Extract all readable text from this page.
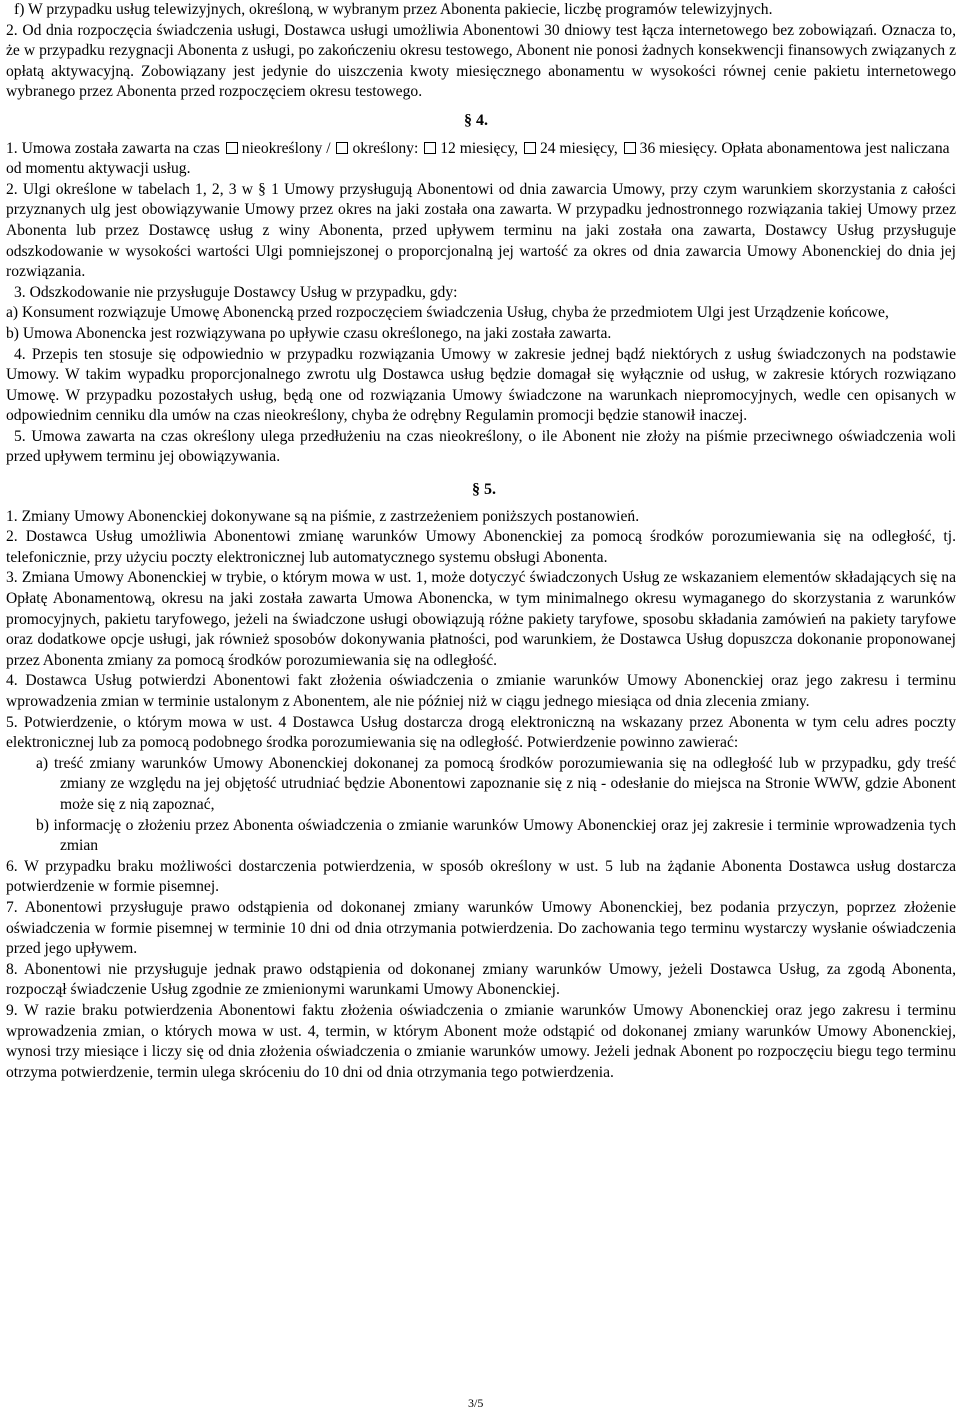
f) W przypadku usług telewizyjnych, określoną, w wybranym przez Abonenta pakiecie, liczbę programów telewizyjnych.

2. Od dnia rozpoczęcia świadczenia usługi, Dostawca usługi umożliwia Abonentowi 30 dniowy test łącza internetowego bez zobowiązań. Oznacza to, że w przypadku rezygnacji Abonenta z usługi, po zakończeniu okresu testowego, Abonent nie ponosi żadnych konsekwencji finansowych związanych z opłatą aktywacyjną. Zobowiązany jest jedynie do uiszczenia kwoty miesięcznego abonamentu w wysokości równej cenie pakietu internetowego wybranego przez Abonenta przed rozpoczęciem okresu testowego.

§ 4.

1. Umowa została zawarta na czas nieokreślony / określony: 12 miesięcy, 24 miesięcy, 36 miesięcy. Opłata abonamentowa jest naliczana od momentu aktywacji usług.

2. Ulgi określone w tabelach 1, 2, 3 w § 1 Umowy przysługują Abonentowi od dnia zawarcia Umowy, przy czym warunkiem skorzystania z całości przyznanych ulg jest obowiązywanie Umowy przez okres na jaki została ona zawarta. W przypadku jednostronnego rozwiązania takiej Umowy przez Abonenta lub przez Dostawcę usług z winy Abonenta, przed upływem terminu na jaki została ona zawarta, Dostawcy Usług przysługuje odszkodowanie w wysokości wartości Ulgi pomniejszonej o proporcjonalną jej wartość za okres od dnia zawarcia Umowy Abonenckiej do dnia jej rozwiązania.

3. Odszkodowanie nie przysługuje Dostawcy Usług w przypadku, gdy:

a) Konsument rozwiązuje Umowę Abonencką przed rozpoczęciem świadczenia Usług, chyba że przedmiotem Ulgi jest Urządzenie końcowe,

b) Umowa Abonencka jest rozwiązywana po upływie czasu określonego, na jaki została zawarta.

4. Przepis ten stosuje się odpowiednio w przypadku rozwiązania Umowy w zakresie jednej bądź niektórych z usług świadczonych na podstawie Umowy. W takim wypadku proporcjonalnego zwrotu ulg Dostawca usług będzie domagał się wyłącznie od usług, w zakresie których rozwiązano Umowę. W przypadku pozostałych usług, będą one od rozwiązania Umowy świadczone na warunkach niepromocyjnych, wedle cen opisanych w odpowiednim cenniku dla umów na czas nieokreślony, chyba że odrębny Regulamin promocji będzie stanowił inaczej.

5. Umowa zawarta na czas określony ulega przedłużeniu na czas nieokreślony, o ile Abonent nie złoży na piśmie przeciwnego oświadczenia woli przed upływem terminu jej obowiązywania.

§ 5.

1. Zmiany Umowy Abonenckiej dokonywane są na piśmie, z zastrzeżeniem poniższych postanowień.

2. Dostawca Usług umożliwia Abonentowi zmianę warunków Umowy Abonenckiej za pomocą środków porozumiewania się na odległość, tj. telefonicznie, przy użyciu poczty elektronicznej lub automatycznego systemu obsługi Abonenta.

3. Zmiana Umowy Abonenckiej w trybie, o którym mowa w ust. 1, może dotyczyć świadczonych Usług ze wskazaniem elementów składających się na Opłatę Abonamentową, okresu na jaki została zawarta Umowa Abonencka, w tym minimalnego okresu wymaganego do skorzystania z warunków promocyjnych, pakietu taryfowego, jeżeli na świadczone usługi obowiązują różne pakiety taryfowe, sposobu składania zamówień na pakiety taryfowe oraz dodatkowe opcje usługi, jak również sposobów dokonywania płatności, pod warunkiem, że Dostawca Usług dopuszcza dokonanie proponowanej przez Abonenta zmiany za pomocą środków porozumiewania się na odległość.

4. Dostawca Usług potwierdzi Abonentowi fakt złożenia oświadczenia o zmianie warunków Umowy Abonenckiej oraz jego zakresu i terminu wprowadzenia zmian w terminie ustalonym z Abonentem, ale nie później niż w ciągu jednego miesiąca od dnia zlecenia zmiany.

5. Potwierdzenie, o którym mowa w ust. 4 Dostawca Usług dostarcza drogą elektroniczną na wskazany przez Abonenta w tym celu adres poczty elektronicznej lub za pomocą podobnego środka porozumiewania się na odległość. Potwierdzenie powinno zawierać:

a) treść zmiany warunków Umowy Abonenckiej dokonanej za pomocą środków porozumiewania się na odległość lub w przypadku, gdy treść zmiany ze względu na jej objętość utrudniać będzie Abonentowi zapoznanie się z nią - odesłanie do miejsca na Stronie WWW, gdzie Abonent może się z nią zapoznać,

b) informację o złożeniu przez Abonenta oświadczenia o zmianie warunków Umowy Abonenckiej oraz jej zakresie i terminie wprowadzenia tych zmian

6. W przypadku braku możliwości dostarczenia potwierdzenia, w sposób określony w ust. 5 lub na żądanie Abonenta Dostawca usług dostarcza potwierdzenie w formie pisemnej.

7. Abonentowi przysługuje prawo odstąpienia od dokonanej zmiany warunków Umowy Abonenckiej, bez podania przyczyn, poprzez złożenie oświadczenia w formie pisemnej w terminie 10 dni od dnia otrzymania potwierdzenia. Do zachowania tego terminu wystarczy wysłanie oświadczenia przed jego upływem.

8. Abonentowi nie przysługuje jednak prawo odstąpienia od dokonanej zmiany warunków Umowy, jeżeli Dostawca Usług, za zgodą Abonenta, rozpoczął świadczenie Usług zgodnie ze zmienionymi warunkami Umowy Abonenckiej.

9. W razie braku potwierdzenia Abonentowi faktu złożenia oświadczenia o zmianie warunków Umowy Abonenckiej oraz jego zakresu i terminu wprowadzenia zmian, o których mowa w ust. 4, termin, w którym Abonent może odstąpić od dokonanej zmiany warunków Umowy Abonenckiej, wynosi trzy miesiące i liczy się od dnia złożenia oświadczenia o zmianie warunków umowy. Jeżeli jednak Abonent po rozpoczęciu biegu tego terminu otrzyma potwierdzenie, termin ulega skróceniu do 10 dni od dnia otrzymania tego potwierdzenia.

3/5
